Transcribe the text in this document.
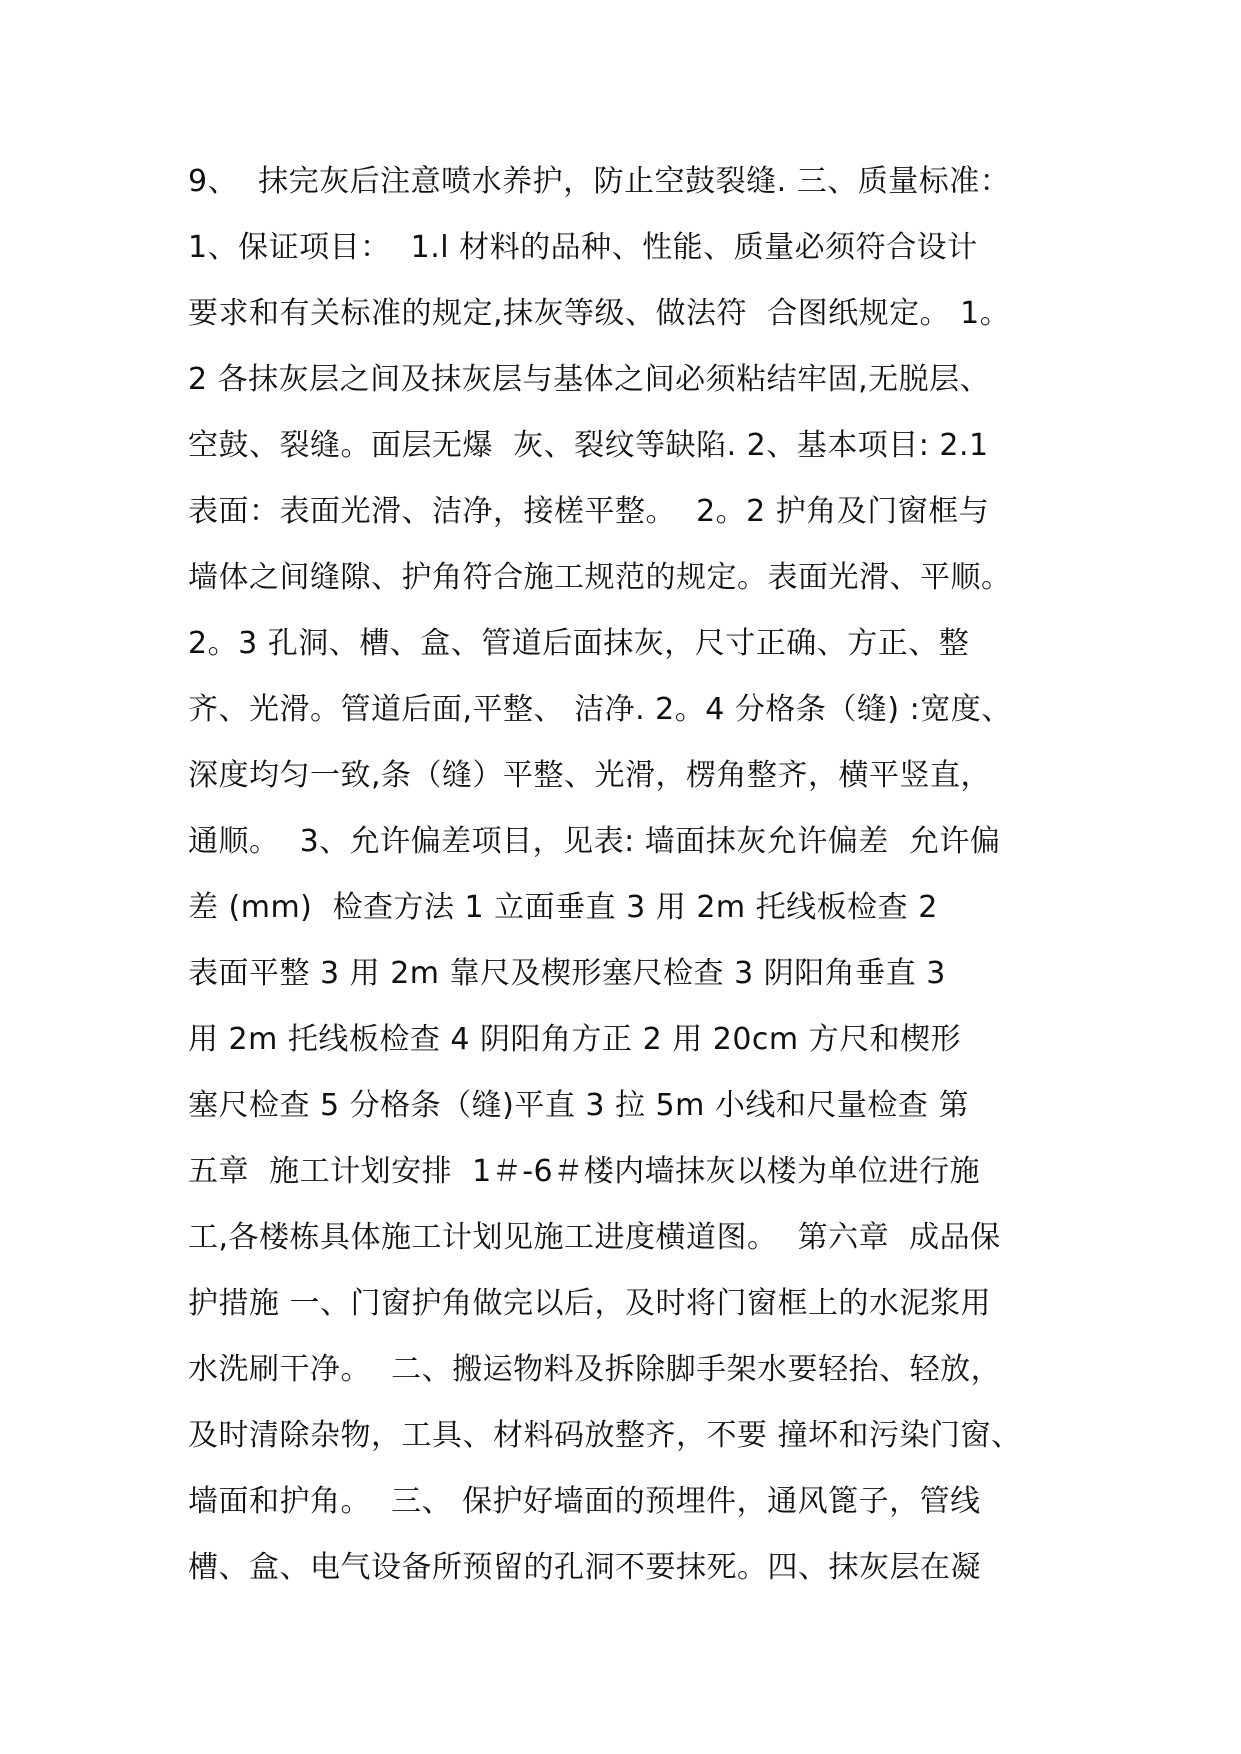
9、  抹完灰后注意喷水养护，防止空鼓裂缝. 三、质量标准：
1、保证项目：  1.l 材料的品种、性能、质量必须符合设计
要求和有关标准的规定,抹灰等级、做法符  合图纸规定。 1。
2 各抹灰层之间及抹灰层与基体之间必须粘结牢固,无脱层、
空鼓、裂缝。面层无爆  灰、裂纹等缺陷. 2、基本项目: 2.1
表面：表面光滑、洁净，接槎平整。  2。2 护角及门窗框与
墙体之间缝隙、护角符合施工规范的规定。表面光滑、平顺。
2。3 孔洞、槽、盒、管道后面抹灰，尺寸正确、方正、整
齐、光滑。管道后面,平整、 洁净. 2。4 分格条（缝) :宽度、
深度均匀一致,条（缝）平整、光滑，楞角整齐，横平竖直，
通顺。  3、允许偏差项目，见表: 墙面抹灰允许偏差  允许偏
差 (mm)  检查方法 1 立面垂直 3 用 2m 托线板检查 2
表面平整 3 用 2m 靠尺及楔形塞尺检查 3 阴阳角垂直 3
用 2m 托线板检查 4 阴阳角方正 2 用 20cm 方尺和楔形
塞尺检查 5 分格条（缝)平直 3 拉 5m 小线和尺量检查 第
五章  施工计划安排  1＃-6＃楼内墙抹灰以楼为单位进行施
工,各楼栋具体施工计划见施工进度横道图。  第六章  成品保
护措施 一、门窗护角做完以后，及时将门窗框上的水泥浆用
水洗刷干净。  二、搬运物料及拆除脚手架水要轻抬、轻放，
及时清除杂物，工具、材料码放整齐，不要 撞坏和污染门窗、
墙面和护角。  三、 保护好墙面的预埋件，通风篦子，管线
槽、盒、电气设备所预留的孔洞不要抹死。四、抹灰层在凝
